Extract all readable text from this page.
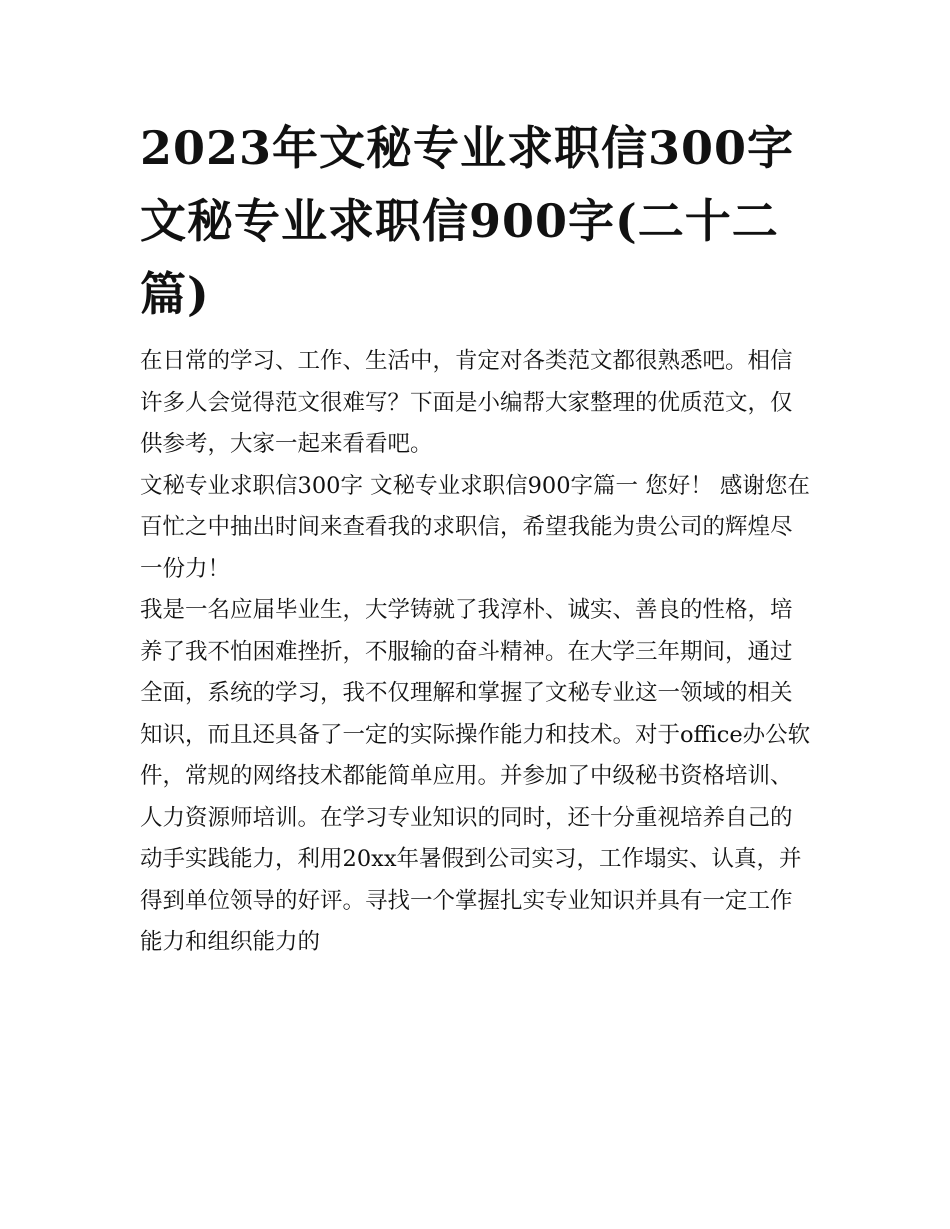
2023年文秘专业求职信300字 文秘专业求职信900字(二十二篇)

在日常的学习、工作、生活中，肯定对各类范文都很熟悉吧。相信许多人会觉得范文很难写？下面是小编帮大家整理的优质范文，仅供参考，大家一起来看看吧。

文秘专业求职信300字 文秘专业求职信900字篇一 您好！ 感谢您在百忙之中抽出时间来查看我的求职信，希望我能为贵公司的辉煌尽一份力！

我是一名应届毕业生，大学铸就了我淳朴、诚实、善良的性格，培养了我不怕困难挫折，不服输的奋斗精神。在大学三年期间，通过全面，系统的学习，我不仅理解和掌握了文秘专业这一领域的相关知识，而且还具备了一定的实际操作能力和技术。对于office办公软件，常规的网络技术都能简单应用。并参加了中级秘书资格培训、人力资源师培训。在学习专业知识的同时，还十分重视培养自己的动手实践能力，利用20xx年暑假到公司实习，工作塌实、认真，并得到单位领导的好评。寻找一个掌握扎实专业知识并具有一定工作能力和组织能力的
